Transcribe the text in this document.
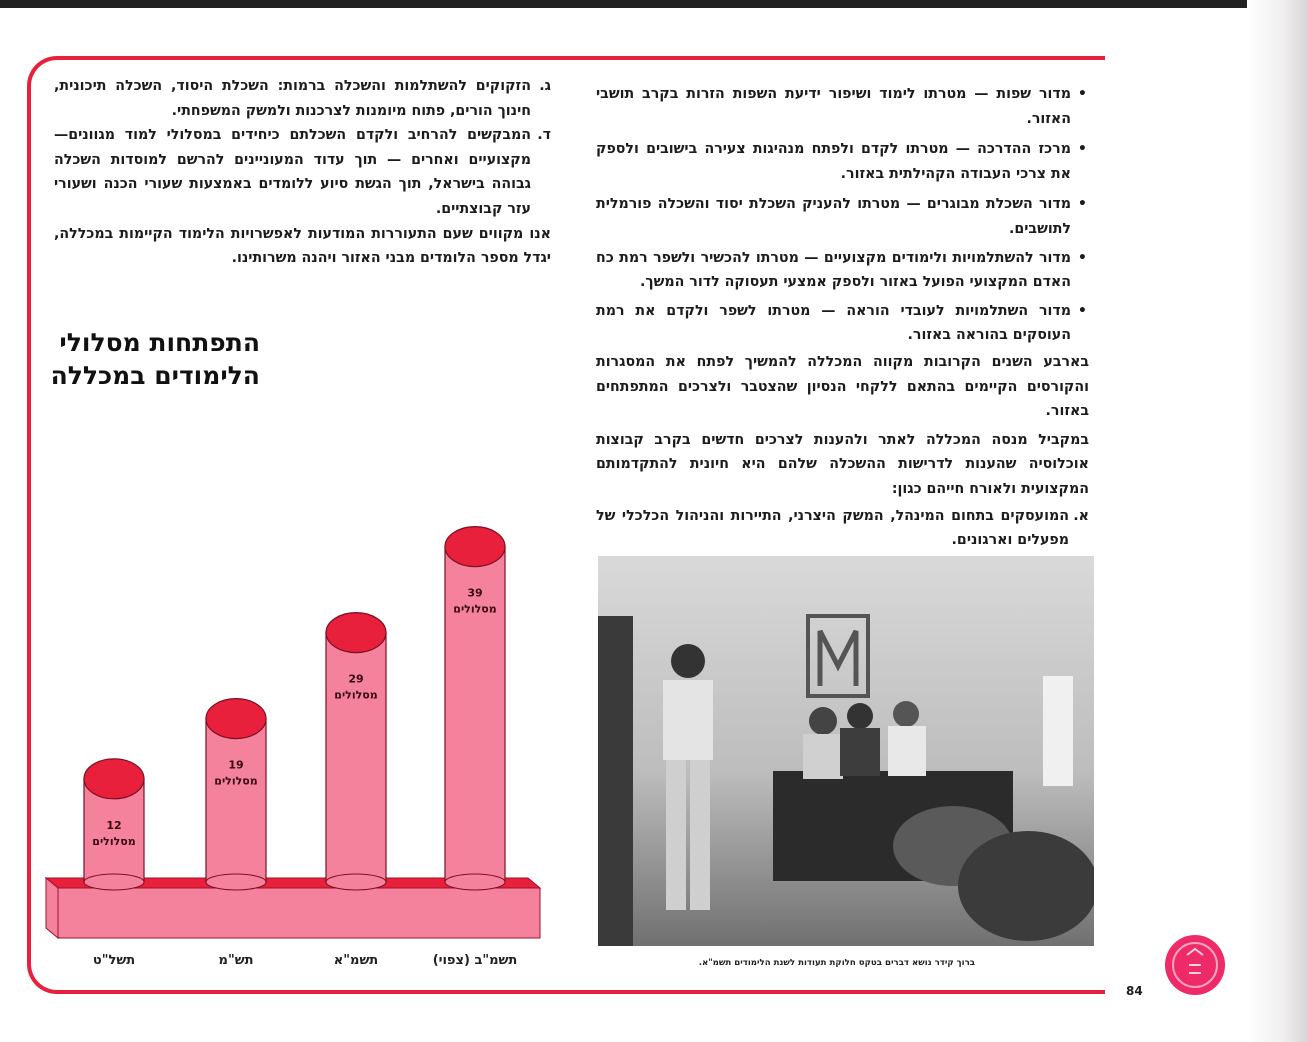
• מדור שפות — מטרתו לימוד ושיפור ידיעת השפות הזרות בקרב תושבי האזור.
• מרכז ההדרכה — מטרתו לקדם ולפתח מנהיגות צעירה בישובים ולספק את צרכי העבודה הקהילתית באזור.
• מדור השכלת מבוגרים — מטרתו להעניק השכלת יסוד והשכלה פורמלית לתושבים.
• מדור להשתלמויות ולימודים מקצועיים — מטרתו להכשיר ולשפר רמת כח האדם המקצועי הפועל באזור ולספק אמצעי תעסוקה לדור המשך.
• מדור השתלמויות לעובדי הוראה — מטרתו לשפר ולקדם את רמת העוסקים בהוראה באזור.

בארבע השנים הקרובות מקווה המכללה להמשיך לפתח את המסגרות והקורסים הקיימים בהתאם ללקחי הנסיון שהצטבר ולצרכים המתפתחים באזור.

במקביל מנסה המכללה לאתר ולהענות לצרכים חדשים בקרב קבוצות אוכלוסיה שהענות לדרישות ההשכלה שלהם היא חיונית להתקדמותם המקצועית ולאורח חייהם כגון:

א.
המועסקים בתחום המינהל, המשק היצרני, התיירות והניהול הכלכלי של מפעלים וארגונים.

ג.
הזקוקים להשתלמות והשכלה ברמות: השכלת היסוד, השכלה תיכונית, חינוך הורים, פתוח מיומנות לצרכנות ולמשק המשפחתי.

ד.
המבקשים להרחיב ולקדם השכלתם כיחידים במסלולי למוד מגוונים—מקצועיים ואחרים — תוך עדוד המעוניינים להרשם למוסדות השכלה גבוהה בישראל, תוך הגשת סיוע ללומדים באמצעות שעורי הכנה ושעורי עזר קבוצתיים.

אנו מקווים שעם התעוררות המודעות לאפשרויות הלימוד הקיימות במכללה, יגדל מספר הלומדים מבני האזור ויהנה משרותינו.

התפתחות מסלולי הלימודים במכללה
12
מסלולים
תשל"ט
19
מסלולים
תש"מ
29
מסלולים
תשמ"א
39
מסלולים
תשמ"ב (צפוי)	ברוך קידר נושא דברים בטקס חלוקת תעודות לשנת הלימודים תשמ"א.
84
